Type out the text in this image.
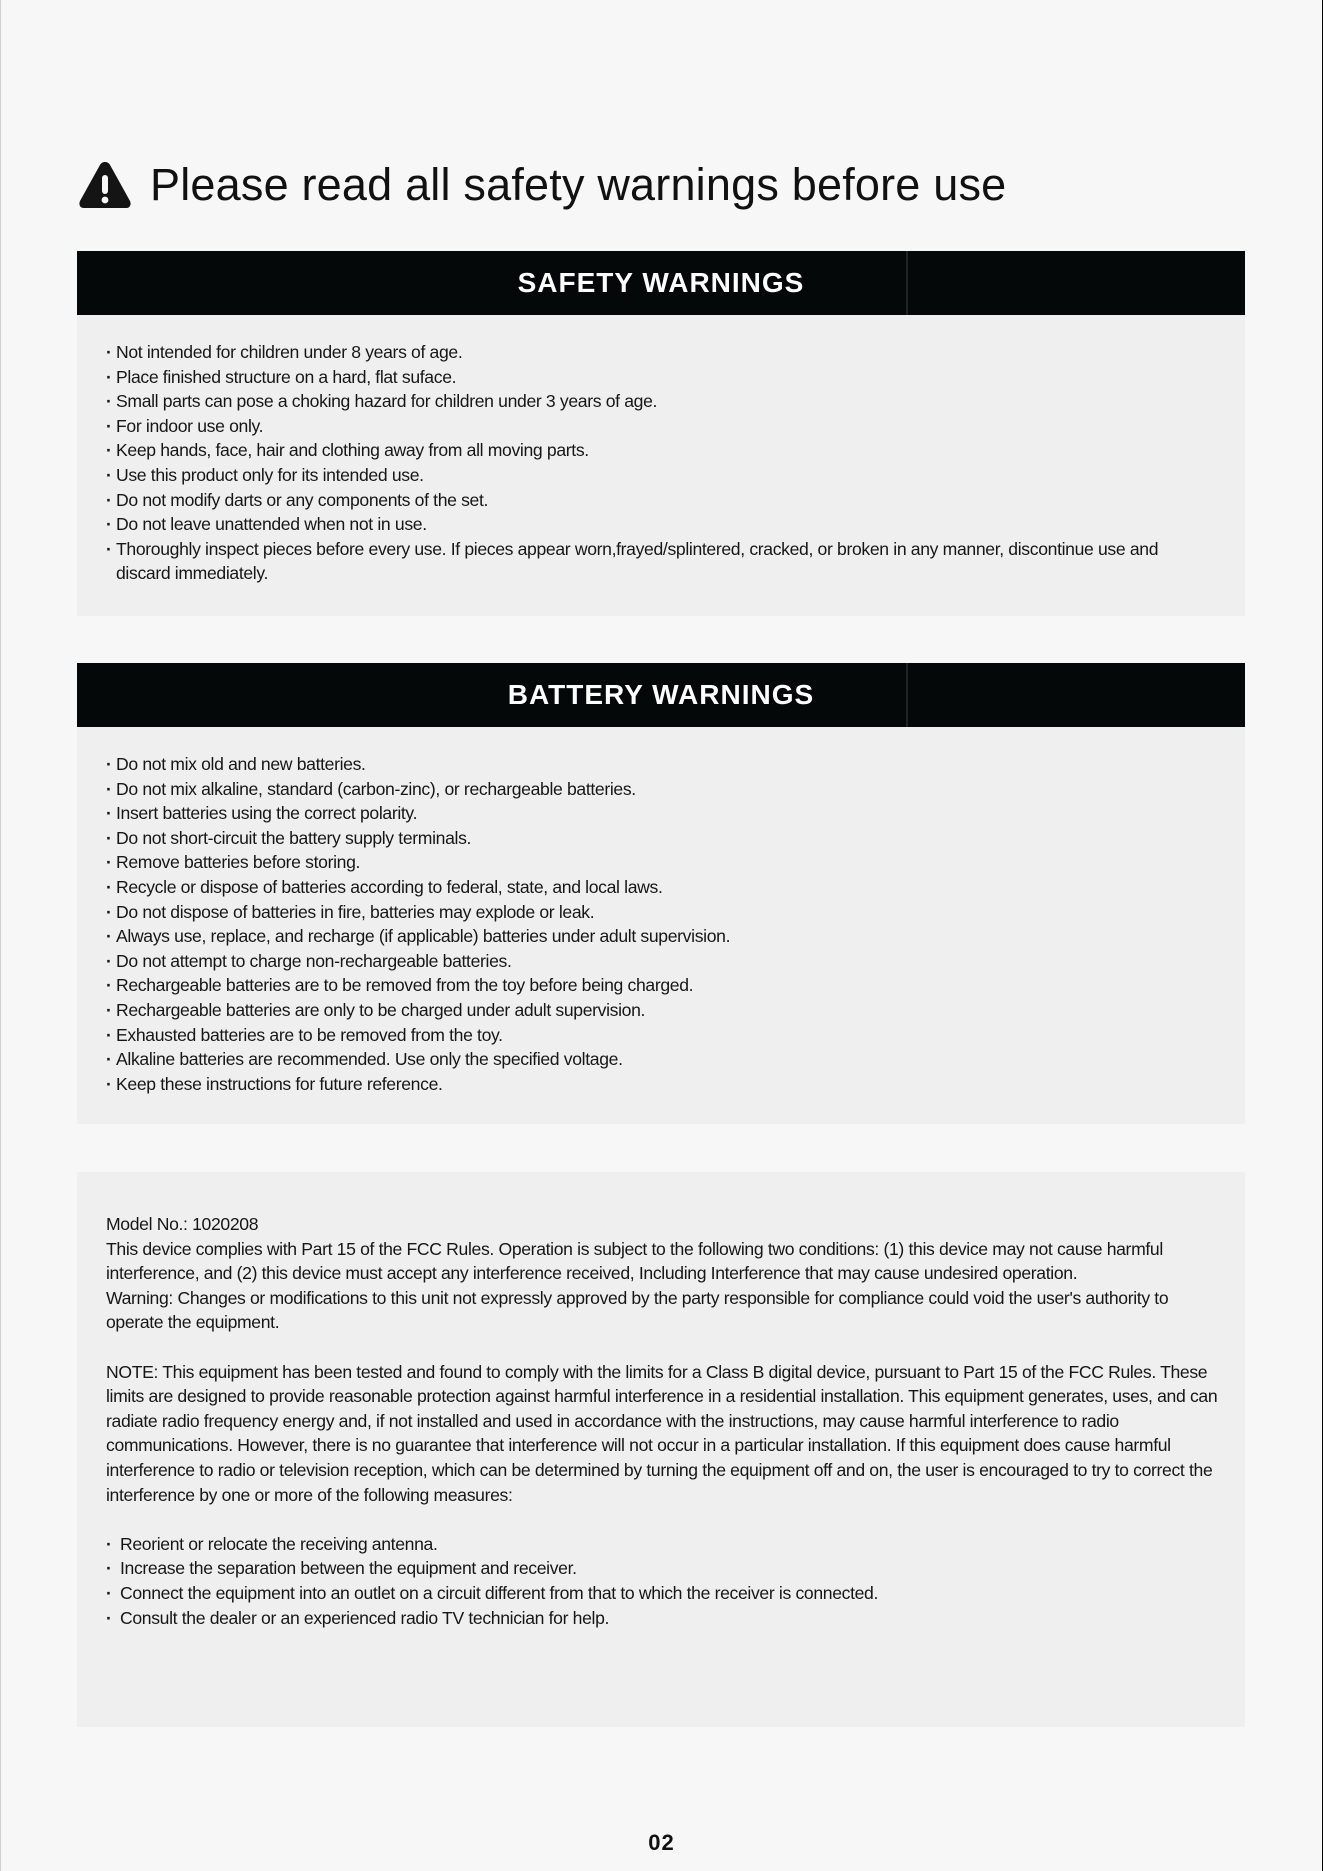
Please read all safety warnings before use
SAFETY WARNINGS
· Not intended for children under 8 years of age.
· Place finished structure on a hard, flat suface.
· Small parts can pose a choking hazard for children under 3 years of age.
· For indoor use only.
· Keep hands, face, hair and clothing away from all moving parts.
· Use this product only for its intended use.
· Do not modify darts or any components of the set.
· Do not leave unattended when not in use.
· Thoroughly inspect pieces before every use. If pieces appear worn,frayed/splintered, cracked, or broken in any manner, discontinue use and discard immediately.
BATTERY WARNINGS
· Do not mix old and new batteries.
· Do not mix alkaline, standard (carbon-zinc), or rechargeable batteries.
· Insert batteries using the correct polarity.
· Do not short-circuit the battery supply terminals.
· Remove batteries before storing.
· Recycle or dispose of batteries according to federal, state, and local laws.
· Do not dispose of batteries in fire, batteries may explode or leak.
· Always use, replace, and recharge (if applicable) batteries under adult supervision.
· Do not attempt to charge non-rechargeable batteries.
· Rechargeable batteries are to be removed from the toy before being charged.
· Rechargeable batteries are only to be charged under adult supervision.
· Exhausted batteries are to be removed from the toy.
· Alkaline batteries are recommended. Use only the specified voltage.
· Keep these instructions for future reference.

Model No.: 1020208

This device complies with Part 15 of the FCC Rules. Operation is subject to the following two conditions: (1) this device may not cause harmful interference, and (2) this device must accept any interference received, Including Interference that may cause undesired operation.

Warning: Changes or modifications to this unit not expressly approved by the party responsible for compliance could void the user's authority to operate the equipment.

NOTE: This equipment has been tested and found to comply with the limits for a Class B digital device, pursuant to Part 15 of the FCC Rules. These limits are designed to provide reasonable protection against harmful interference in a residential installation. This equipment generates, uses, and can radiate radio frequency energy and, if not installed and used in accordance with the instructions, may cause harmful interference to radio communications. However, there is no guarantee that interference will not occur in a particular installation. If this equipment does cause harmful interference to radio or television reception, which can be determined by turning the equipment off and on, the user is encouraged to try to correct the interference by one or more of the following measures:

· Reorient or relocate the receiving antenna.
· Increase the separation between the equipment and receiver.
· Connect the equipment into an outlet on a circuit different from that to which the receiver is connected.
· Consult the dealer or an experienced radio TV technician for help.
02
